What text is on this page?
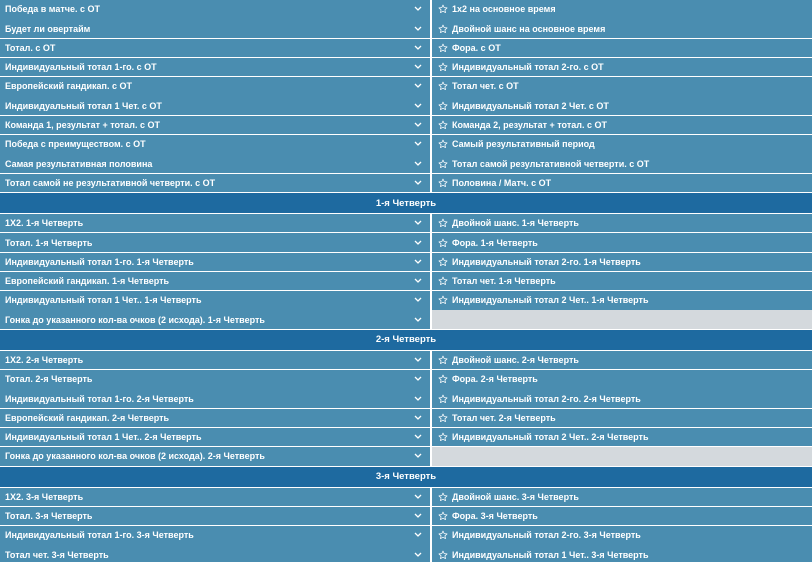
Победа в матче. с ОТ	1x2 на основное время
Будет ли овертайм	Двойной шанс на основное время
Тотал. с ОТ	Фора. с ОТ
Индивидуальный тотал 1-го. с ОТ	Индивидуальный тотал 2-го. с ОТ
Европейский гандикап. с ОТ	Тотал чет. с ОТ
Индивидуальный тотал 1 Чет. с ОТ	Индивидуальный тотал 2 Чет. с ОТ
Команда 1, результат + тотал. с ОТ	Команда 2, результат + тотал. с ОТ
Победа с преимуществом. с ОТ	Самый результативный период
Самая результативная половина	Тотал самой результативной четверти. с ОТ
Тотал самой не результативной четверти. с ОТ	Половина / Матч. с ОТ
1-я Четверть
1X2. 1-я Четверть	Двойной шанс. 1-я Четверть
Тотал. 1-я Четверть	Фора. 1-я Четверть
Индивидуальный тотал 1-го. 1-я Четверть	Индивидуальный тотал 2-го. 1-я Четверть
Европейский гандикап. 1-я Четверть	Тотал чет. 1-я Четверть
Индивидуальный тотал 1 Чет.. 1-я Четверть	Индивидуальный тотал 2 Чет.. 1-я Четверть
Гонка до указанного кол-ва очков (2 исхода). 1-я Четверть
2-я Четверть
1X2. 2-я Четверть	Двойной шанс. 2-я Четверть
Тотал. 2-я Четверть	Фора. 2-я Четверть
Индивидуальный тотал 1-го. 2-я Четверть	Индивидуальный тотал 2-го. 2-я Четверть
Европейский гандикап. 2-я Четверть	Тотал чет. 2-я Четверть
Индивидуальный тотал 1 Чет.. 2-я Четверть	Индивидуальный тотал 2 Чет.. 2-я Четверть
Гонка до указанного кол-ва очков (2 исхода). 2-я Четверть
3-я Четверть
1X2. 3-я Четверть	Двойной шанс. 3-я Четверть
Тотал. 3-я Четверть	Фора. 3-я Четверть
Индивидуальный тотал 1-го. 3-я Четверть	Индивидуальный тотал 2-го. 3-я Четверть
Тотал чет. 3-я Четверть	Индивидуальный тотал 1 Чет.. 3-я Четверть
